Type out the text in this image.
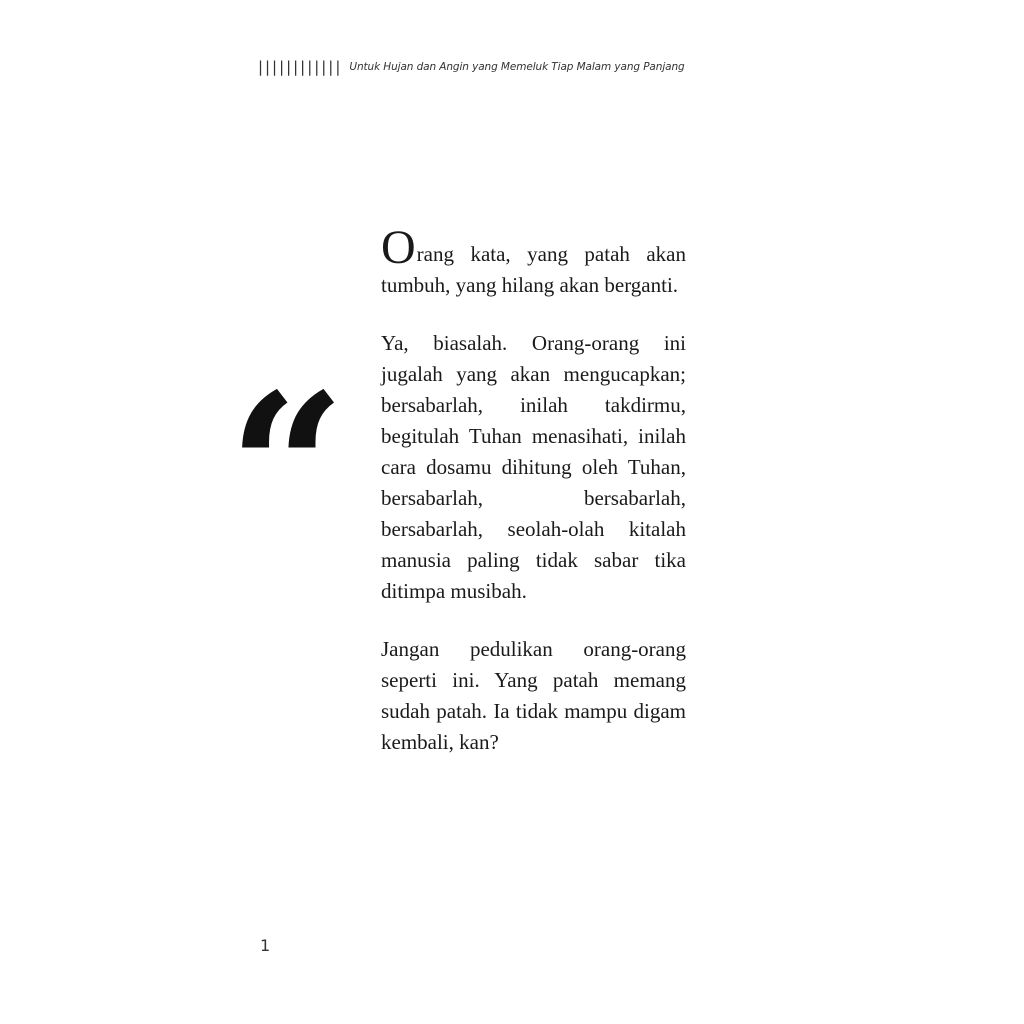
|||||||||||| Untuk Hujan dan Angin yang Memeluk Tiap Malam yang Panjang
“

Orang kata, yang patah akan tumbuh, yang hilang akan berganti.

Ya, biasalah. Orang-orang ini jugalah yang akan mengucapkan; bersabarlah, inilah takdirmu, begitulah Tuhan menasihati, inilah cara dosamu dihitung oleh Tuhan, bersabarlah, bersabarlah, bersabarlah, seolah-olah kitalah manusia paling tidak sabar tika ditimpa musibah.

Jangan pedulikan orang-orang seperti ini. Yang patah memang sudah patah. Ia tidak mampu digam kembali, kan?

1
